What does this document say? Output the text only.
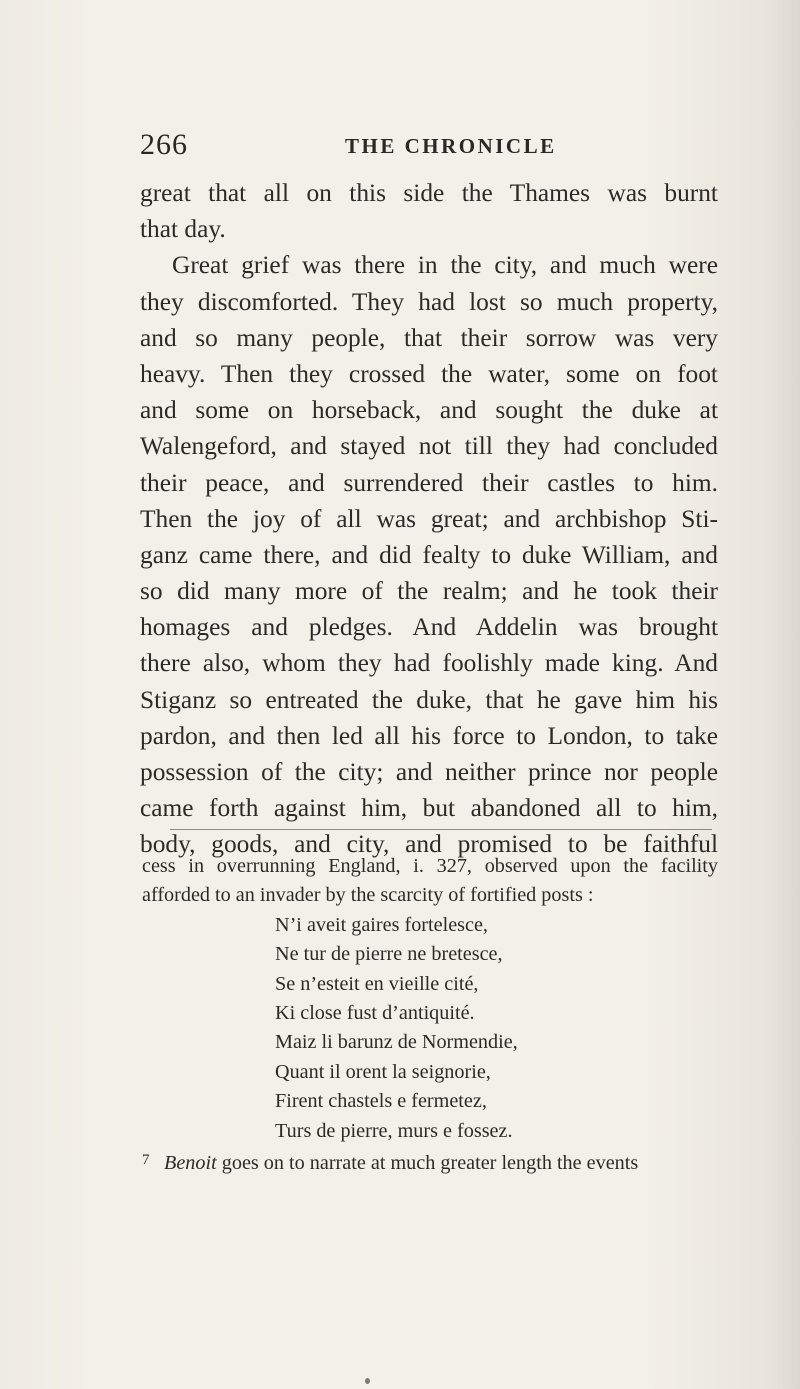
266	THE CHRONICLE
great that all on this side the Thames was burnt
that day.
Great grief was there in the city, and much were
they discomforted. They had lost so much property,
and so many people, that their sorrow was very
heavy. Then they crossed the water, some on foot
and some on horseback, and sought the duke at
Walengeford, and stayed not till they had concluded
their peace, and surrendered their castles to him.
Then the joy of all was great; and archbishop Sti-
ganz came there, and did fealty to duke William, and
so did many more of the realm; and he took their
homages and pledges. And Addelin was brought
there also, whom they had foolishly made king. And
Stiganz so entreated the duke, that he gave him his
pardon, and then led all his force to London, to take
possession of the city; and neither prince nor people
came forth against him, but abandoned all to him,
body, goods, and city, and promised to be faithful
cess in overrunning England, i. 327, observed upon the facility
afforded to an invader by the scarcity of fortified posts :
N’i aveit gaires fortelesce,
Ne tur de pierre ne bretesce,
Se n’esteit en vieille cité,
Ki close fust d’antiquité.
Maiz li barunz de Normendie,
Quant il orent la seignorie,
Firent chastels e fermetez,
Turs de pierre, murs e fossez.
7 Benoit goes on to narrate at much greater length the events
